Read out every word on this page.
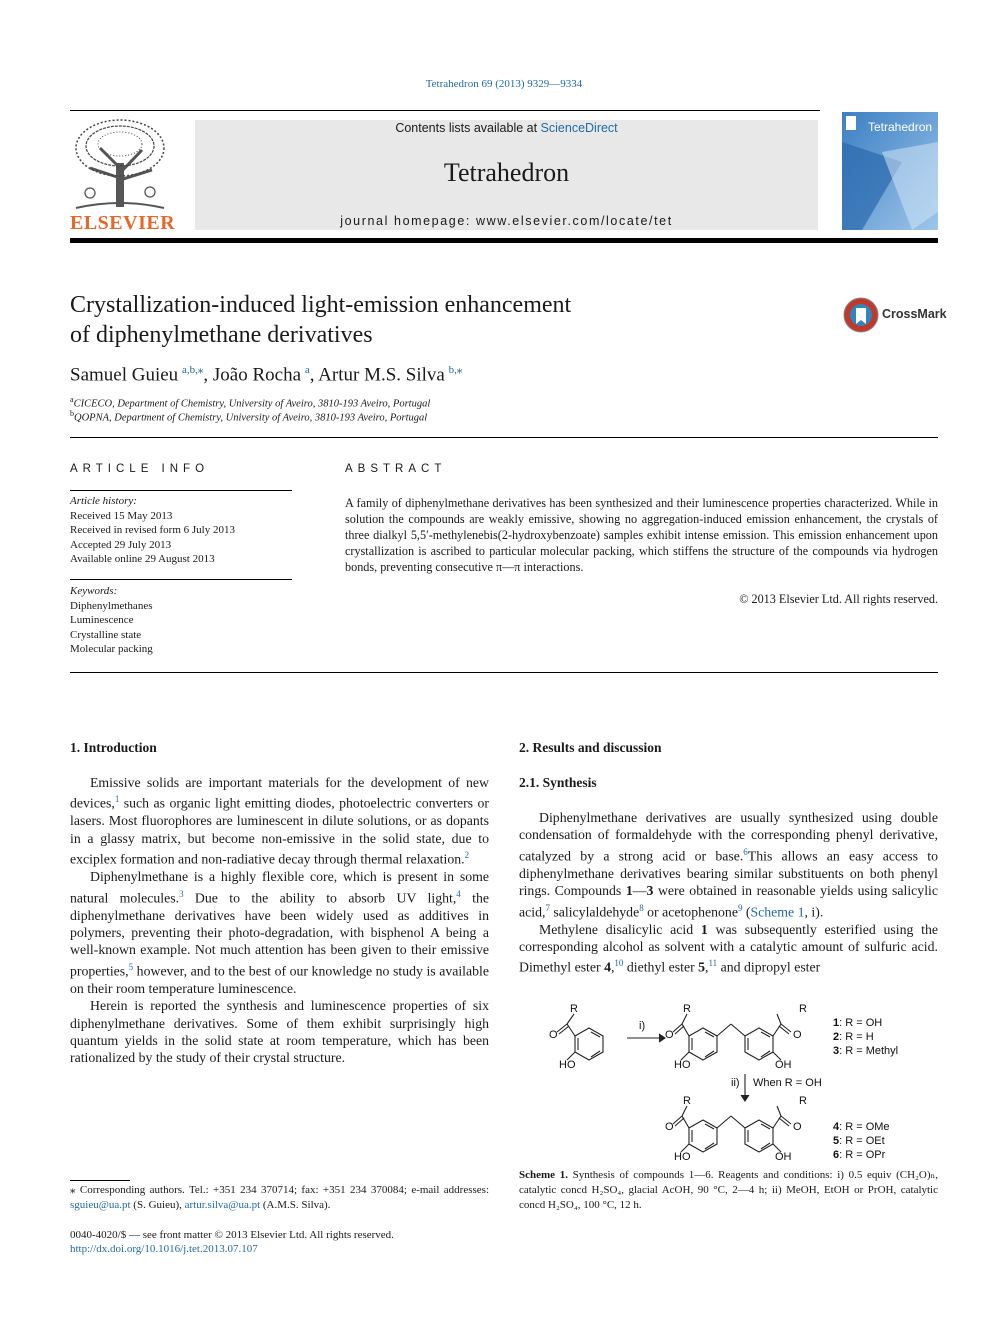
Tetrahedron 69 (2013) 9329—9334
ELSEVIER
Contents lists available at ScienceDirect
Tetrahedron
journal homepage: www.elsevier.com/locate/tet
Tetrahedron
Crystallization-induced light-emission enhancement
of diphenylmethane derivatives
CrossMark
Samuel Guieu  $^{a,b,⁎}$, João Rocha  $^a$, Artur M.S. Silva  $^{b,⁎}$
$^a$CICECO, Department of Chemistry, University of Aveiro, 3810-193 Aveiro, Portugal
$^b$QOPNA, Department of Chemistry, University of Aveiro, 3810-193 Aveiro, Portugal
ARTICLE INFO
Article history:
Received 15 May 2013
Received in revised form 6 July 2013
Accepted 29 July 2013
Available online 29 August 2013
Keywords:
Diphenylmethanes
Luminescence
Crystalline state
Molecular packing
ABSTRACT
A family of diphenylmethane derivatives has been synthesized and their luminescence properties characterized. While in solution the compounds are weakly emissive, showing no aggregation-induced emission enhancement, the crystals of three dialkyl 5,5′-methylenebis(2-hydroxybenzoate) samples exhibit intense emission. This emission enhancement upon crystallization is ascribed to particular molecular packing, which stiffens the structure of the compounds via hydrogen bonds, preventing consecutive π—π interactions.
© 2013 Elsevier Ltd. All rights reserved.
1. Introduction

Emissive solids are important materials for the development of new devices,$^1$ such as organic light emitting diodes, photoelectric converters or lasers. Most fluorophores are luminescent in dilute solutions, or as dopants in a glassy matrix, but become non-emissive in the solid state, due to exciplex formation and non-radiative decay through thermal relaxation.$^2$

Diphenylmethane is a highly flexible core, which is present in some natural molecules.$^3$ Due to the ability to absorb UV light,$^4$ the diphenylmethane derivatives have been widely used as additives in polymers, preventing their photo-degradation, with bisphenol A being a well-known example. Not much attention has been given to their emissive properties,$^5$ however, and to the best of our knowledge no study is available on their room temperature luminescence.

Herein is reported the synthesis and luminescence properties of six diphenylmethane derivatives. Some of them exhibit surprisingly high quantum yields in the solid state at room temperature, which has been rationalized by the study of their crystal structure.

⁎ Corresponding authors. Tel.: +351 234 370714; fax: +351 234 370084; e-mail addresses: sguieu@ua.pt (S. Guieu), artur.silva@ua.pt (A.M.S. Silva).
0040-4020/$ — see front matter © 2013 Elsevier Ltd. All rights reserved.
http://dx.doi.org/10.1016/j.tet.2013.07.107
2. Results and discussion
2.1. Synthesis

Diphenylmethane derivatives are usually synthesized using double condensation of formaldehyde with the corresponding phenyl derivative, catalyzed by a strong acid or base.$^6$This allows an easy access to diphenylmethane derivatives bearing similar substituents on both phenyl rings. Compounds 1—3 were obtained in reasonable yields using salicylic acid,$^7$ salicylaldehyde$^8$ or acetophenone$^9$ (Scheme 1, i).

Methylene disalicylic acid 1 was subsequently esterified using the corresponding alcohol as solvent with a catalytic amount of sulfuric acid. Dimethyl ester 4,10 diethyl ester 5,11 and dipropyl ester

R
O
HO
i)
R
O
HO
R
O
OH
ii) When R = OH
R
O
HO
R
O
OH
1: R = OH
2: R = H
3: R = Methyl
4: R = OMe
5: R = OEt
6: R = OPr
Scheme 1. Synthesis of compounds 1—6. Reagents and conditions: i) 0.5 equiv (CH₂O)ₙ, catalytic concd H₂SO₄, glacial AcOH, 90 °C, 2—4 h; ii) MeOH, EtOH or PrOH, catalytic concd H₂SO₄, 100 °C, 12 h.
